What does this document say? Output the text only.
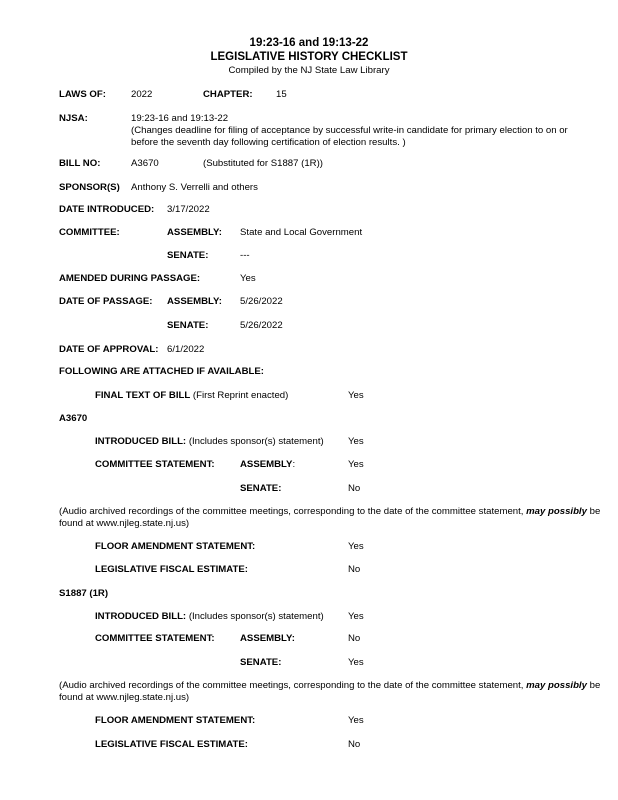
19:23-16 and 19:13-22
LEGISLATIVE HISTORY CHECKLIST
Compiled by the NJ State Law Library
LAWS OF:	2022	CHAPTER: 15
NJSA:	19:23-16 and 19:13-22
(Changes deadline for filing of acceptance by successful write-in candidate for primary election to on or before the seventh day following certification of election results. )
BILL NO:	A3670	(Substituted for S1887 (1R))
SPONSOR(S) Anthony S. Verrelli and others
DATE INTRODUCED: 3/17/2022
COMMITTEE:	ASSEMBLY: State and Local Government
SENATE:	---
AMENDED DURING PASSAGE:	Yes
DATE OF PASSAGE: ASSEMBLY: 5/26/2022
SENATE:	5/26/2022
DATE OF APPROVAL: 6/1/2022
FOLLOWING ARE ATTACHED IF AVAILABLE:
FINAL TEXT OF BILL (First Reprint enacted)	Yes
A3670
INTRODUCED BILL: (Includes sponsor(s) statement)	Yes
COMMITTEE STATEMENT:	ASSEMBLY:	Yes
SENATE:	No
(Audio archived recordings of the committee meetings, corresponding to the date of the committee statement, may possibly be found at www.njleg.state.nj.us)
FLOOR AMENDMENT STATEMENT:	Yes
LEGISLATIVE FISCAL ESTIMATE:	No
S1887 (1R)
INTRODUCED BILL: (Includes sponsor(s) statement)	Yes
COMMITTEE STATEMENT:	ASSEMBLY:	No
SENATE:	Yes
(Audio archived recordings of the committee meetings, corresponding to the date of the committee statement, may possibly be found at www.njleg.state.nj.us)
FLOOR AMENDMENT STATEMENT:	Yes
LEGISLATIVE FISCAL ESTIMATE:	No
